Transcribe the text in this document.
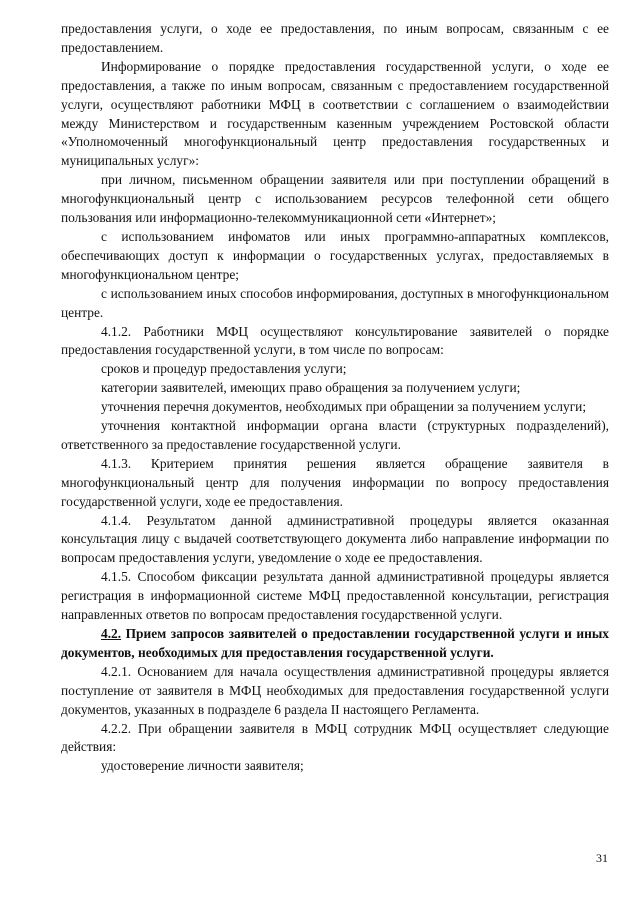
предоставления услуги, о ходе ее предоставления, по иным вопросам, связанным с ее предоставлением.

Информирование о порядке предоставления государственной услуги, о ходе ее предоставления, а также по иным вопросам, связанным с предоставлением государственной услуги, осуществляют работники МФЦ в соответствии с соглашением о взаимодействии между Министерством и государственным казенным учреждением Ростовской области «Уполномоченный многофункциональный центр предоставления государственных и муниципальных услуг»:

при личном, письменном обращении заявителя или при поступлении обращений в многофункциональный центр с использованием ресурсов телефонной сети общего пользования или информационно-телекоммуникационной сети «Интернет»;

с использованием инфоматов или иных программно-аппаратных комплексов, обеспечивающих доступ к информации о государственных услугах, предоставляемых в многофункциональном центре;

с использованием иных способов информирования, доступных в многофункциональном центре.

4.1.2. Работники МФЦ осуществляют консультирование заявителей о порядке предоставления государственной услуги, в том числе по вопросам:

сроков и процедур предоставления услуги;

категории заявителей, имеющих право обращения за получением услуги;

уточнения перечня документов, необходимых при обращении за получением услуги;

уточнения контактной информации органа власти (структурных подразделений), ответственного за предоставление государственной услуги.

4.1.3. Критерием принятия решения является обращение заявителя в многофункциональный центр для получения информации по вопросу предоставления государственной услуги, ходе ее предоставления.

4.1.4. Результатом данной административной процедуры является оказанная консультация лицу с выдачей соответствующего документа либо направление информации по вопросам предоставления услуги, уведомление о ходе ее предоставления.

4.1.5. Способом фиксации результата данной административной процедуры является регистрация в информационной системе МФЦ предоставленной консультации, регистрация направленных ответов по вопросам предоставления государственной услуги.

4.2. Прием запросов заявителей о предоставлении государственной услуги и иных документов, необходимых для предоставления государственной услуги.

4.2.1. Основанием для начала осуществления административной процедуры является поступление от заявителя в МФЦ необходимых для предоставления государственной услуги документов, указанных в подразделе 6 раздела II настоящего Регламента.

4.2.2. При обращении заявителя в МФЦ сотрудник МФЦ осуществляет следующие действия:

удостоверение личности заявителя;

31
